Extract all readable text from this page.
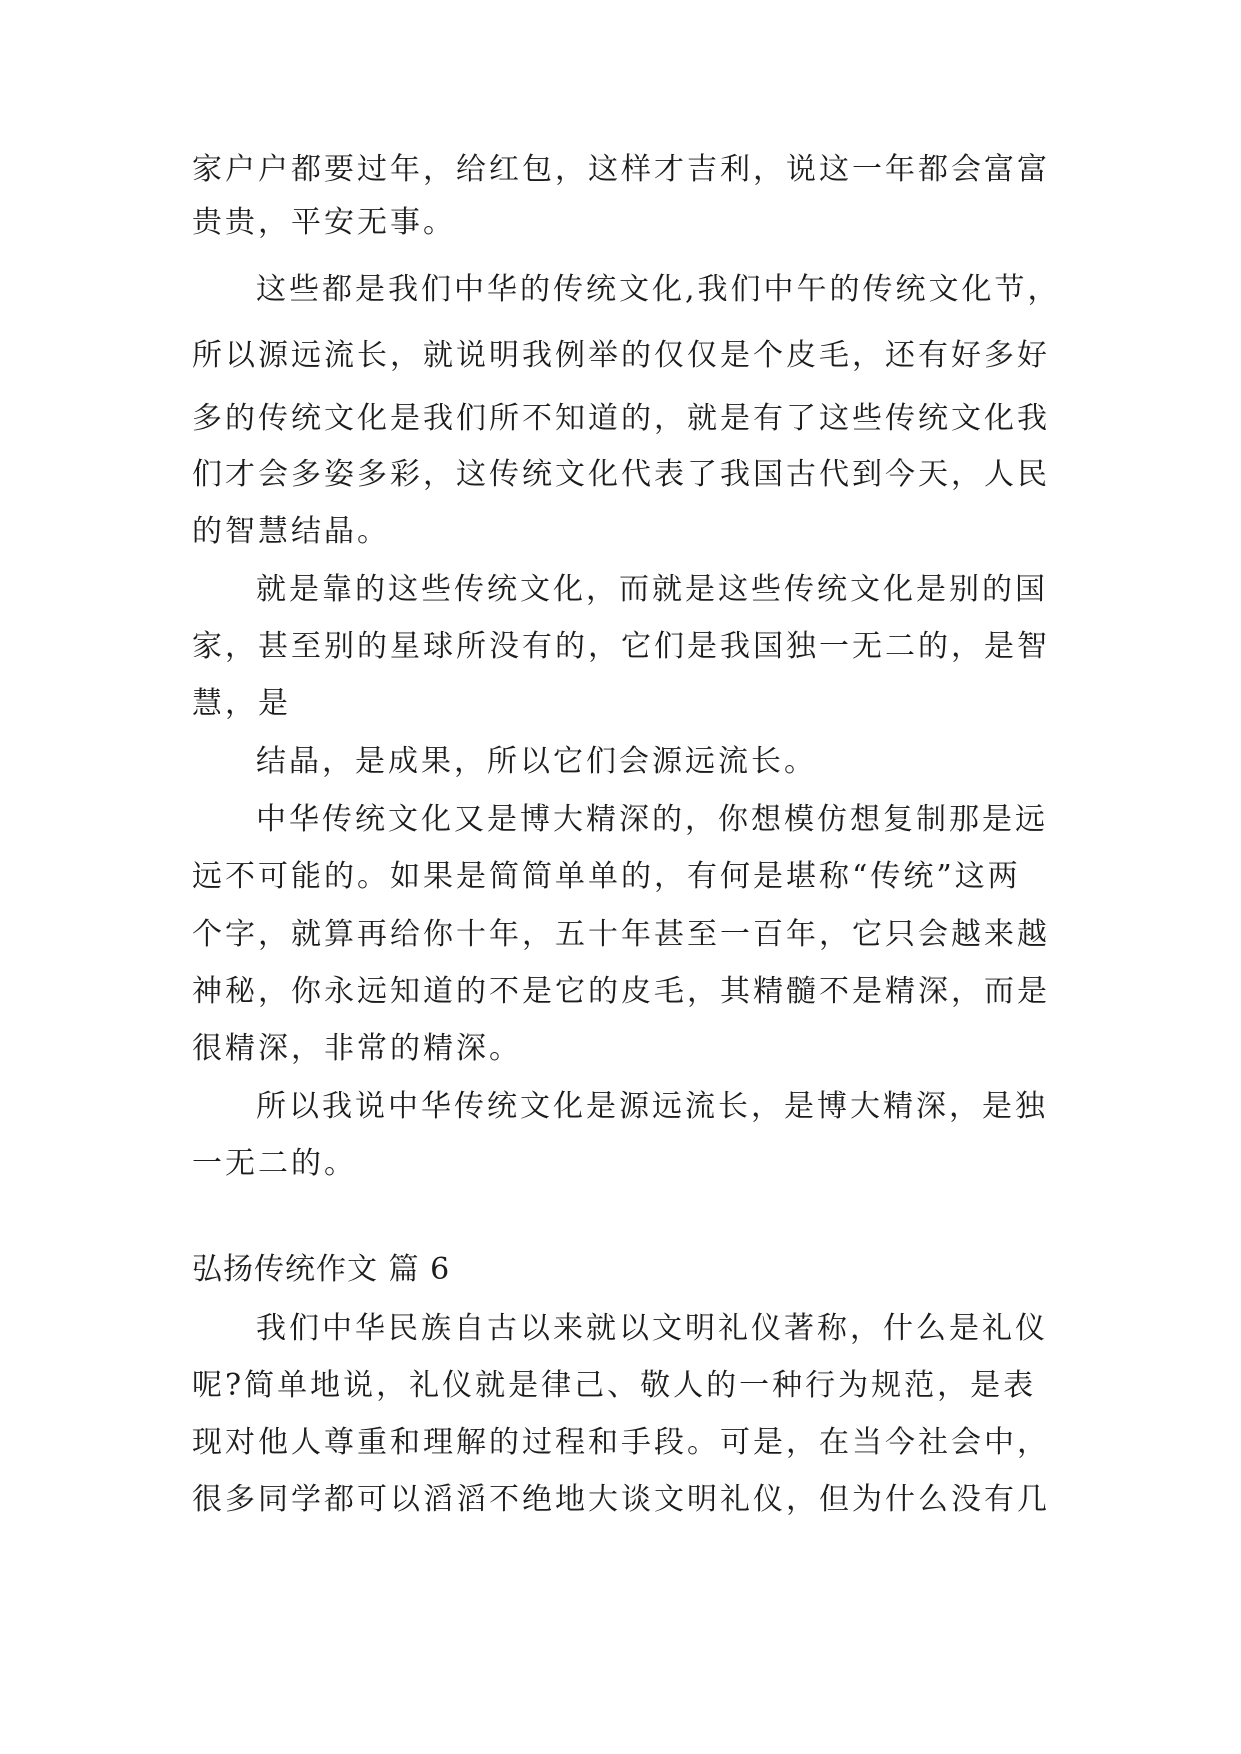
家户户都要过年，给红包，这样才吉利，说这一年都会富富
贵贵，平安无事。
这些都是我们中华的传统文化,我们中午的传统文化节，
所以源远流长，就说明我例举的仅仅是个皮毛，还有好多好
多的传统文化是我们所不知道的，就是有了这些传统文化我
们才会多姿多彩，这传统文化代表了我国古代到今天，人民
的智慧结晶。
就是靠的这些传统文化，而就是这些传统文化是别的国
家，甚至别的星球所没有的，它们是我国独一无二的，是智
慧，是
结晶，是成果，所以它们会源远流长。
中华传统文化又是博大精深的，你想模仿想复制那是远
远不可能的。如果是简简单单的，有何是堪称“传统”这两
个字，就算再给你十年，五十年甚至一百年，它只会越来越
神秘，你永远知道的不是它的皮毛，其精髓不是精深，而是
很精深，非常的精深。
所以我说中华传统文化是源远流长，是博大精深，是独
一无二的。
弘扬传统作文 篇 6
我们中华民族自古以来就以文明礼仪著称，什么是礼仪
呢?简单地说，礼仪就是律己、敬人的一种行为规范，是表
现对他人尊重和理解的过程和手段。可是，在当今社会中，
很多同学都可以滔滔不绝地大谈文明礼仪，但为什么没有几
